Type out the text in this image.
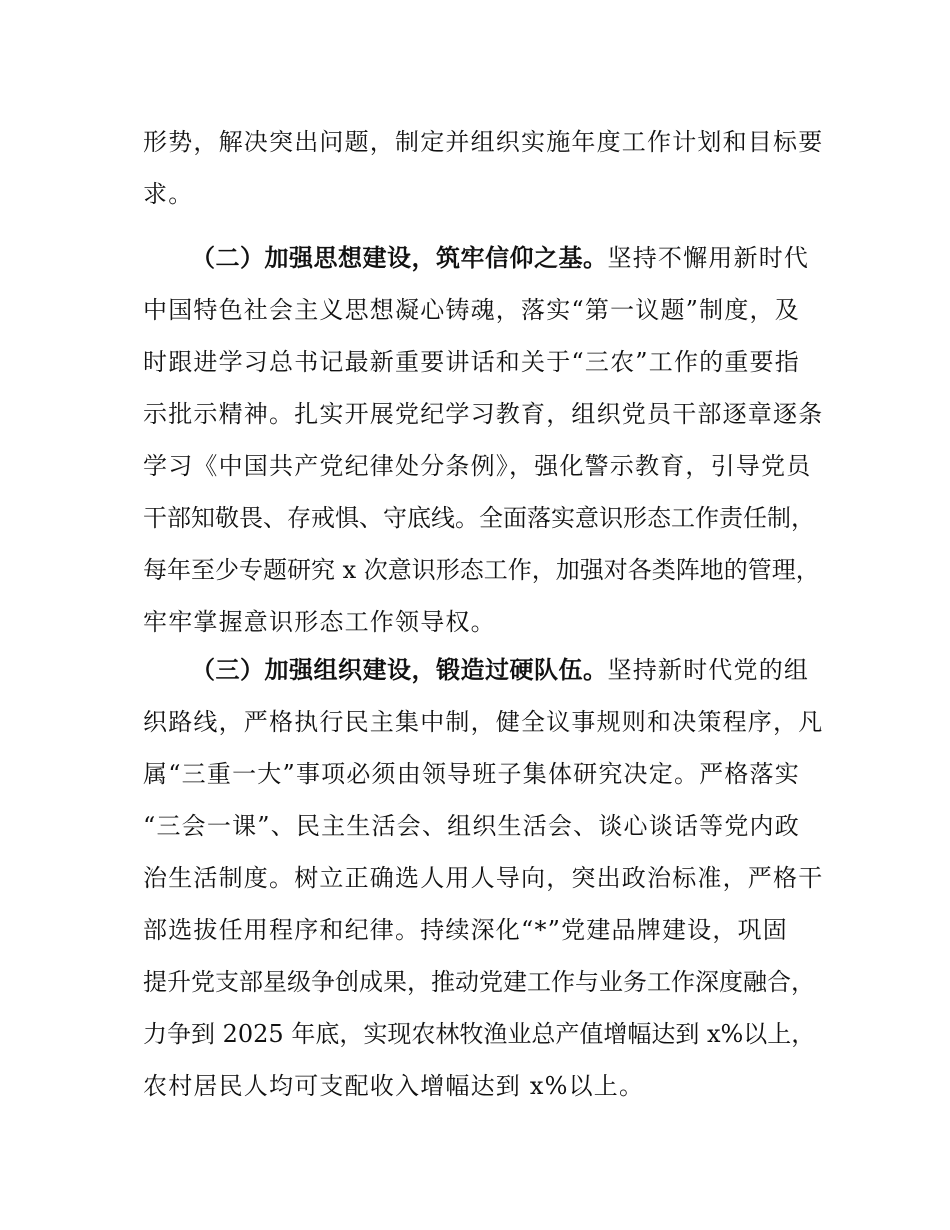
形势，解决突出问题，制定并组织实施年度工作计划和目标要
求。
（二）加强思想建设，筑牢信仰之基。坚持不懈用新时代
中国特色社会主义思想凝心铸魂，落实“第一议题”制度，及
时跟进学习总书记最新重要讲话和关于“三农”工作的重要指
示批示精神。扎实开展党纪学习教育，组织党员干部逐章逐条
学习《中国共产党纪律处分条例》，强化警示教育，引导党员
干部知敬畏、存戒惧、守底线。全面落实意识形态工作责任制，
每年至少专题研究 x 次意识形态工作，加强对各类阵地的管理，
牢牢掌握意识形态工作领导权。
（三）加强组织建设，锻造过硬队伍。坚持新时代党的组
织路线，严格执行民主集中制，健全议事规则和决策程序，凡
属“三重一大”事项必须由领导班子集体研究决定。严格落实
“三会一课”、民主生活会、组织生活会、谈心谈话等党内政
治生活制度。树立正确选人用人导向，突出政治标准，严格干
部选拔任用程序和纪律。持续深化“*”党建品牌建设，巩固
提升党支部星级争创成果，推动党建工作与业务工作深度融合，
力争到 2025 年底，实现农林牧渔业总产值增幅达到 x%以上，
农村居民人均可支配收入增幅达到 x%以上。
